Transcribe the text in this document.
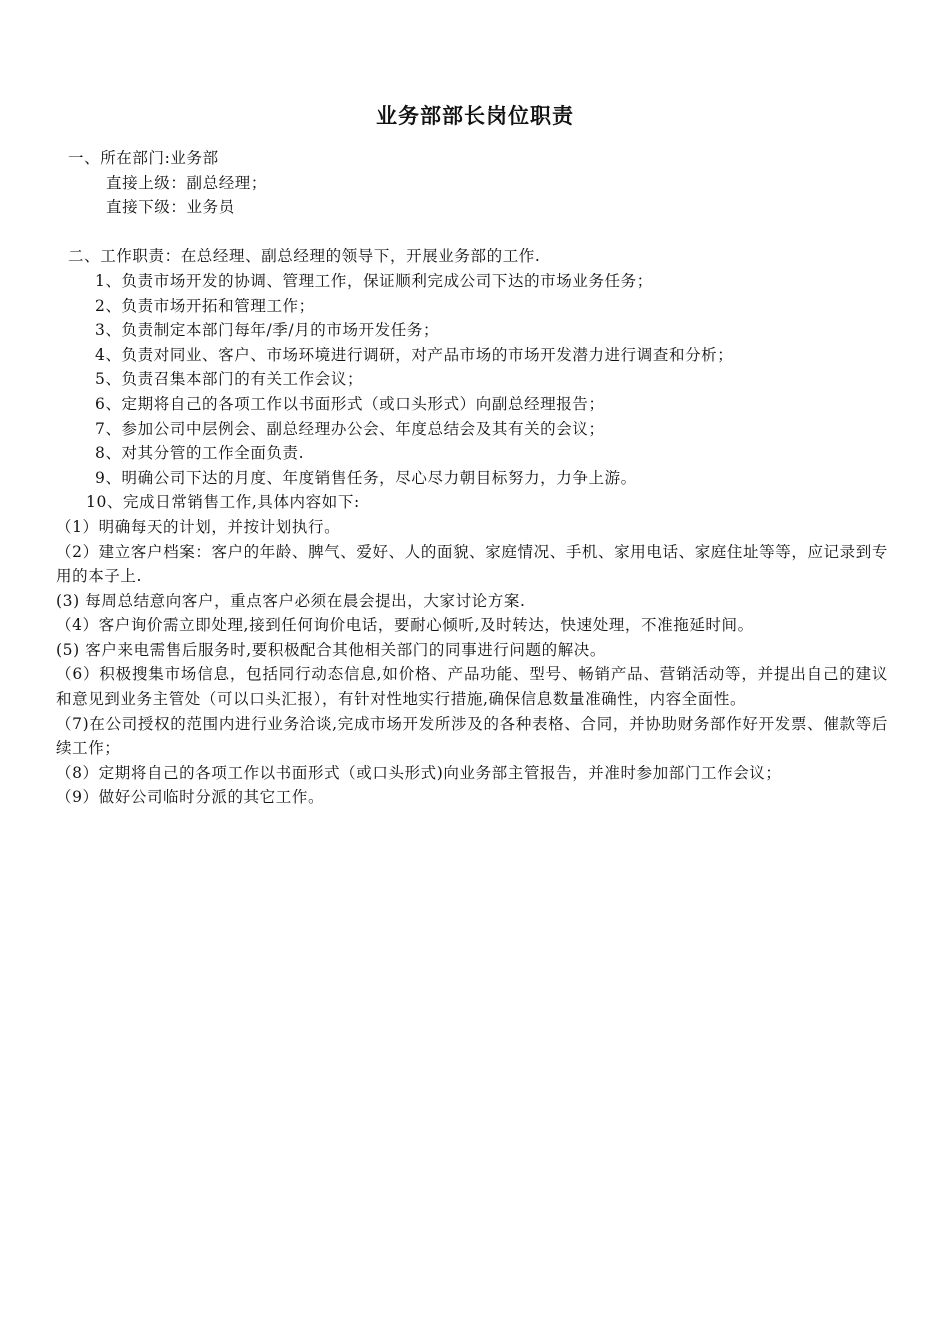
业务部部长岗位职责
一、所在部门:业务部
直接上级：副总经理；
直接下级：业务员
二、工作职责：在总经理、副总经理的领导下，开展业务部的工作.
1、负责市场开发的协调、管理工作，保证顺利完成公司下达的市场业务任务；
2、负责市场开拓和管理工作；
3、负责制定本部门每年/季/月的市场开发任务；
4、负责对同业、客户、市场环境进行调研，对产品市场的市场开发潜力进行调查和分析；
5、负责召集本部门的有关工作会议；
6、定期将自己的各项工作以书面形式（或口头形式）向副总经理报告；
7、参加公司中层例会、副总经理办公会、年度总结会及其有关的会议；
8、对其分管的工作全面负责.
9、明确公司下达的月度、年度销售任务，尽心尽力朝目标努力，力争上游。
10、完成日常销售工作,具体内容如下:
（1）明确每天的计划，并按计划执行。
（2）建立客户档案：客户的年龄、脾气、爱好、人的面貌、家庭情况、手机、家用电话、家庭住址等等，应记录到专用的本子上.
(3) 每周总结意向客户，重点客户必须在晨会提出，大家讨论方案.
（4）客户询价需立即处理,接到任何询价电话，要耐心倾听,及时转达，快速处理，不准拖延时间。
(5) 客户来电需售后服务时,要积极配合其他相关部门的同事进行问题的解决。
（6）积极搜集市场信息，包括同行动态信息,如价格、产品功能、型号、畅销产品、营销活动等，并提出自己的建议和意见到业务主管处（可以口头汇报），有针对性地实行措施,确保信息数量准确性，内容全面性。
（7)在公司授权的范围内进行业务洽谈,完成市场开发所涉及的各种表格、合同，并协助财务部作好开发票、催款等后续工作；
（8）定期将自己的各项工作以书面形式（或口头形式)向业务部主管报告，并准时参加部门工作会议；
（9）做好公司临时分派的其它工作。
